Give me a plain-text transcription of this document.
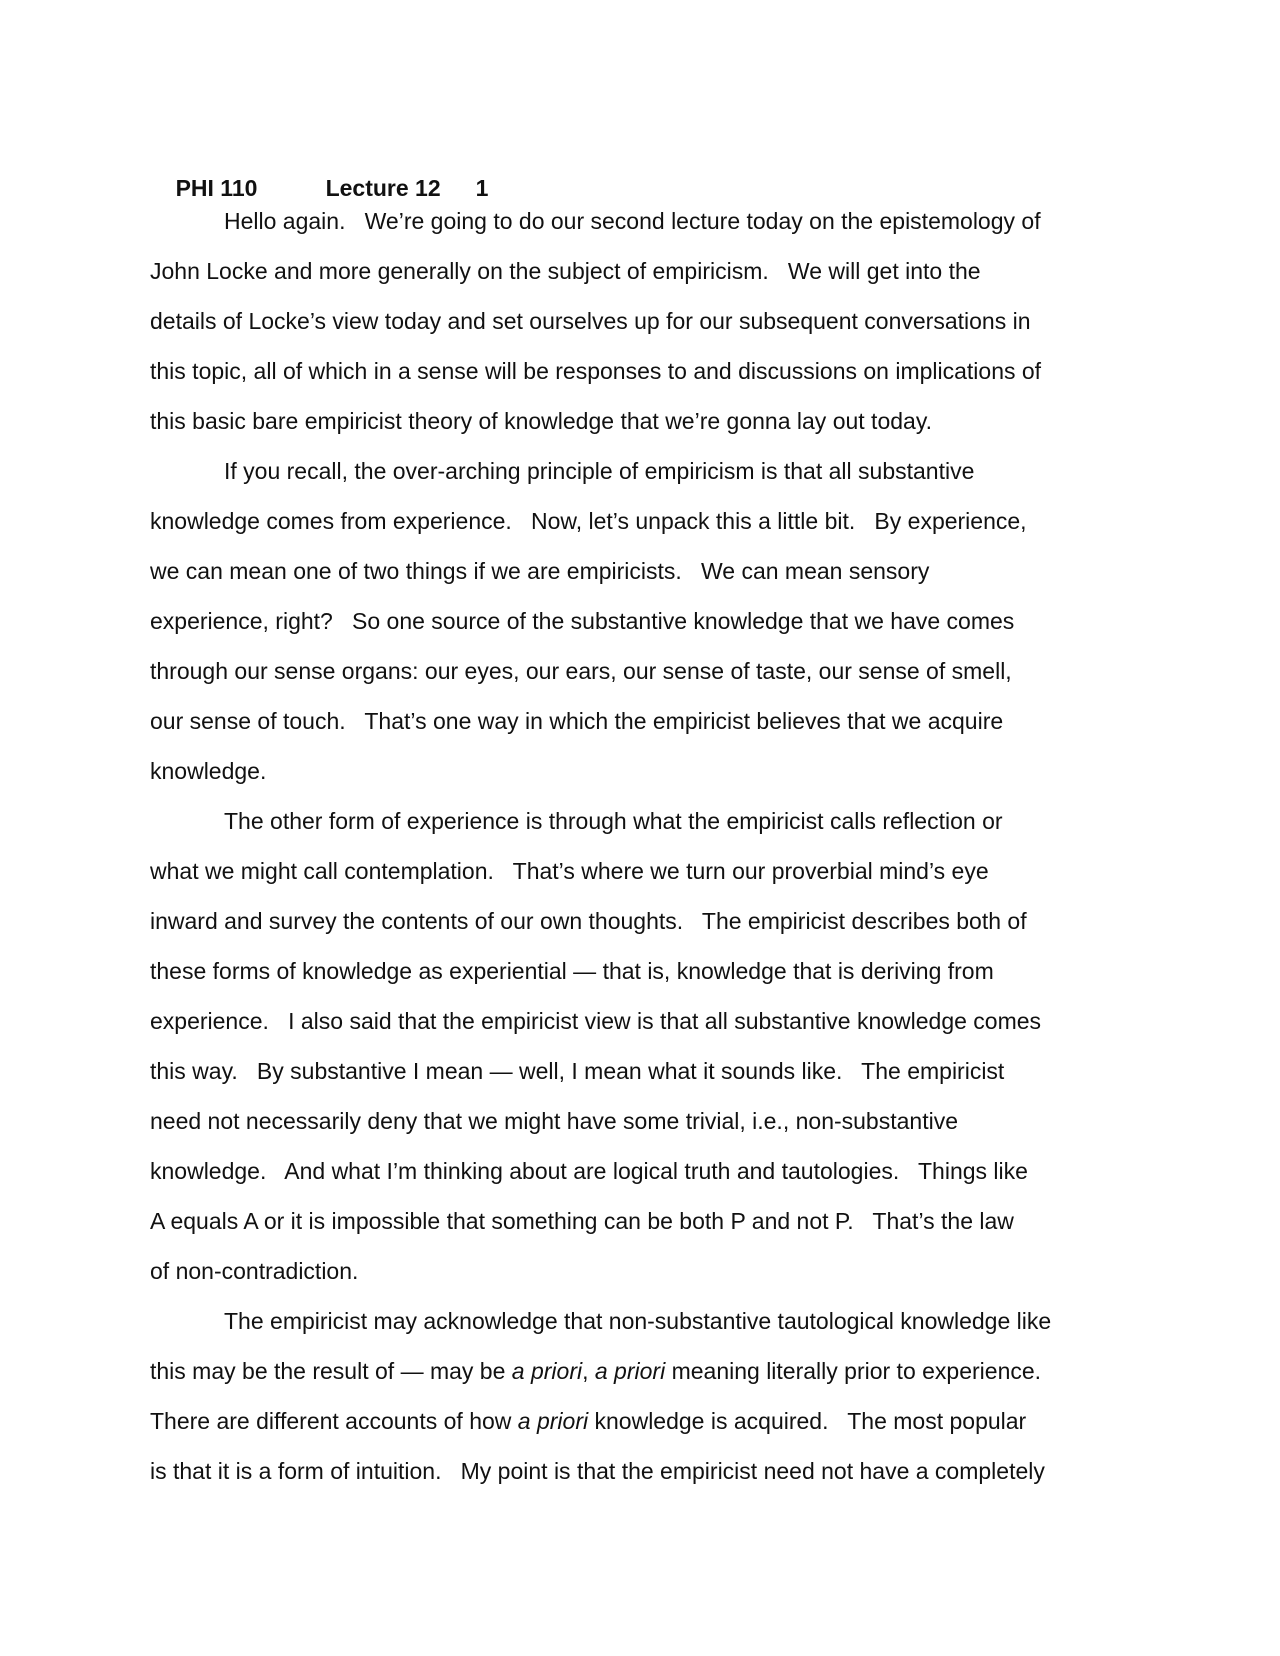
PHI 110	Lecture 12 1

Hello again.   We’re going to do our second lecture today on the epistemology of
John Locke and more generally on the subject of empiricism.   We will get into the
details of Locke’s view today and set ourselves up for our subsequent conversations in
this topic, all of which in a sense will be responses to and discussions on implications of
this basic bare empiricist theory of knowledge that we’re gonna lay out today.
If you recall, the over-arching principle of empiricism is that all substantive
knowledge comes from experience.   Now, let’s unpack this a little bit.   By experience,
we can mean one of two things if we are empiricists.   We can mean sensory
experience, right?   So one source of the substantive knowledge that we have comes
through our sense organs: our eyes, our ears, our sense of taste, our sense of smell,
our sense of touch.   That’s one way in which the empiricist believes that we acquire
knowledge.
The other form of experience is through what the empiricist calls reflection or
what we might call contemplation.   That’s where we turn our proverbial mind’s eye
inward and survey the contents of our own thoughts.   The empiricist describes both of
these forms of knowledge as experiential — that is, knowledge that is deriving from
experience.   I also said that the empiricist view is that all substantive knowledge comes
this way.   By substantive I mean — well, I mean what it sounds like.   The empiricist
need not necessarily deny that we might have some trivial, i.e., non-substantive
knowledge.   And what I’m thinking about are logical truth and tautologies.   Things like
A equals A or it is impossible that something can be both P and not P.   That’s the law
of non-contradiction.
The empiricist may acknowledge that non-substantive tautological knowledge like
this may be the result of — may be a priori, a priori meaning literally prior to experience.
There are different accounts of how a priori knowledge is acquired.   The most popular
is that it is a form of intuition.   My point is that the empiricist need not have a completely
